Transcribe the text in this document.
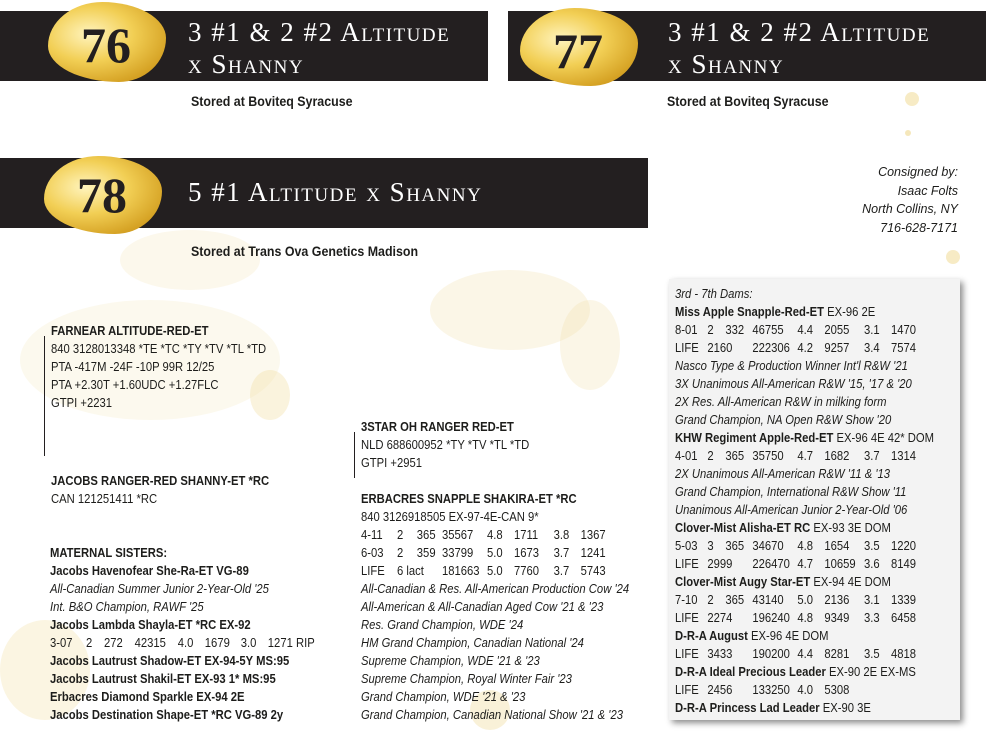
76	3 #1 & 2 #2 Altitude
x Shanny
Stored at Boviteq Syracuse
77	3 #1 & 2 #2 Altitude
x Shanny
Stored at Boviteq Syracuse
78	5 #1 Altitude x Shanny
Stored at Trans Ova Genetics Madison
Consigned by:
Isaac Folts
North Collins, NY
716-628-7171
FARNEAR ALTITUDE-RED-ET
840 3128013348 *TE *TC *TY *TV *TL *TD
PTA -417M -24F -10P 99R 12/25
PTA +2.30T +1.60UDC +1.27FLC
GTPI +2231
JACOBS RANGER-RED SHANNY-ET *RC
CAN 121251411 *RC
MATERNAL SISTERS:
Jacobs Havenofear She-Ra-ET VG-89
All-Canadian Summer Junior 2-Year-Old '25
Int. B&O Champion, RAWF '25
Jacobs Lambda Shayla-ET *RC EX-92
3-07	2 272 42315 4.0 1679 3.0 1271 RIP
Jacobs Lautrust Shadow-ET EX-94-5Y MS:95
Jacobs Lautrust Shakil-ET EX-93 1* MS:95
Erbacres Diamond Sparkle EX-94 2E
Jacobs Destination Shape-ET *RC VG-89 2y
3STAR OH RANGER RED-ET
NLD 688600952 *TY *TV *TL *TD
GTPI +2951
ERBACRES SNAPPLE SHAKIRA-ET *RC
840 3126918505 EX-97-4E-CAN 9*
4-11	2	365 35567	4.8 1711	3.8 1367
6-03	2	359 33799	5.0 1673	3.7 1241
LIFE 6 lact	181663 5.0 7760	3.7 5743
All-Canadian & Res. All-American Production Cow '24
All-American & All-Canadian Aged Cow '21 & '23
Res. Grand Champion, WDE '24
HM Grand Champion, Canadian National '24
Supreme Champion, WDE '21 & '23
Supreme Champion, Royal Winter Fair '23
Grand Champion, WDE '21 & '23
Grand Champion, Canadian National Show '21 & '23
3rd - 7th Dams:
Miss Apple Snapple-Red-ET EX-96 2E
8-01 2 332 46755	4.4 2055	3.1 1470
LIFE 2160	222306 4.2 9257	3.4 7574
Nasco Type & Production Winner Int'l R&W '21
3X Unanimous All-American R&W '15, '17 & '20
2X Res. All-American R&W in milking form
Grand Champion, NA Open R&W Show '20
KHW Regiment Apple-Red-ET EX-96 4E 42* DOM
4-01 2 365 35750	4.7 1682	3.7 1314
2X Unanimous All-American R&W '11 & '13
Grand Champion, International R&W Show '11
Unanimous All-American Junior 2-Year-Old '06
Clover-Mist Alisha-ET RC EX-93 3E DOM
5-03 3 365 34670	4.8 1654	3.5 1220
LIFE 2999	226470 4.7 10659 3.6 8149
Clover-Mist Augy Star-ET EX-94 4E DOM
7-10 2 365 43140	5.0 2136	3.1 1339
LIFE 2274	196240 4.8 9349	3.3 6458
D-R-A August EX-96 4E DOM
LIFE 3433	190200 4.4 8281	3.5 4818
D-R-A Ideal Precious Leader EX-90 2E EX-MS
LIFE 2456	133250 4.0 5308
D-R-A Princess Lad Leader EX-90 3E
